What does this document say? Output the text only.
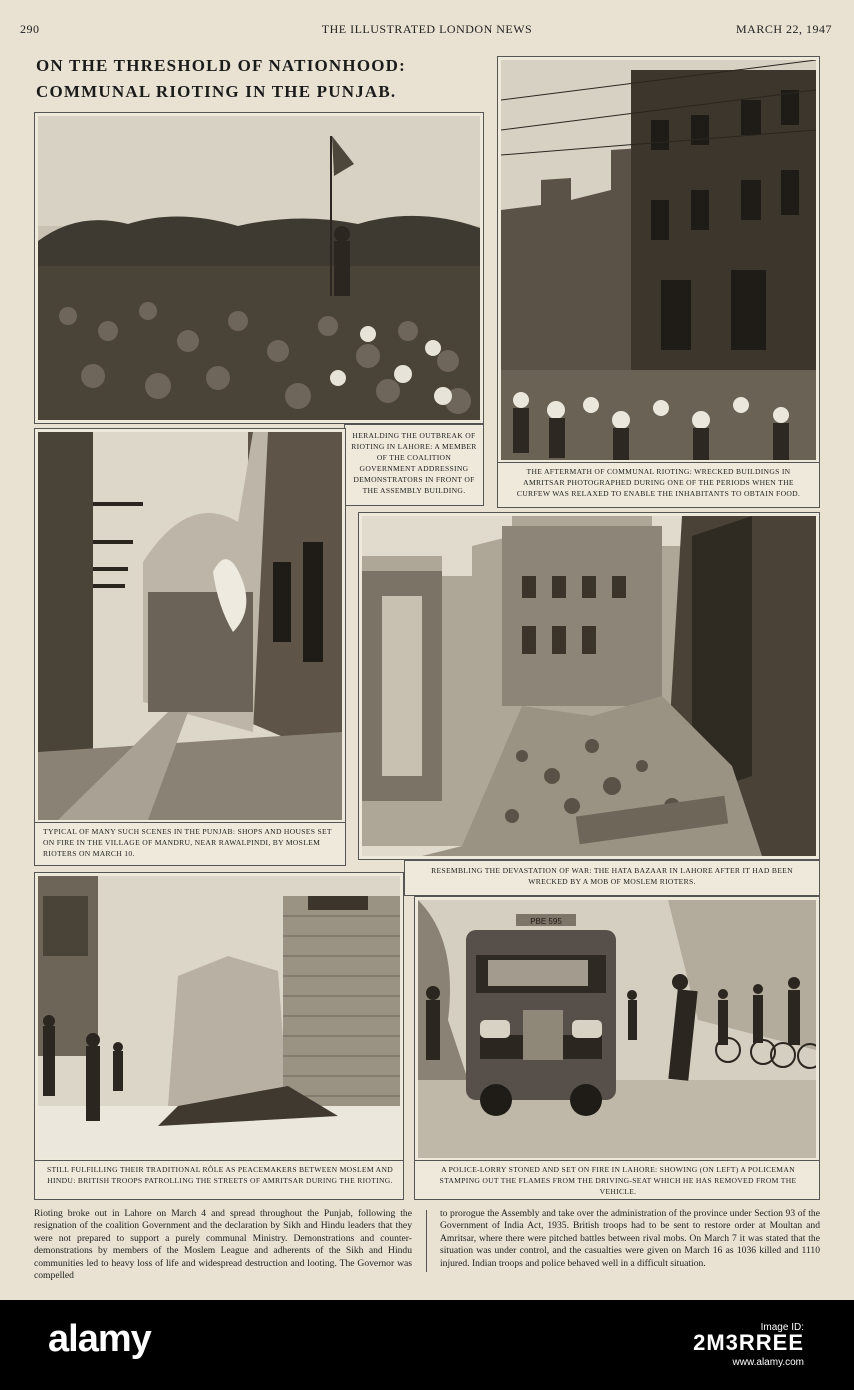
290	THE ILLUSTRATED LONDON NEWS	MARCH 22, 1947
ON THE THRESHOLD OF NATIONHOOD:
COMMUNAL RIOTING IN THE PUNJAB.
HERALDING THE OUTBREAK OF RIOTING IN LAHORE: A MEMBER OF THE COALITION GOVERNMENT ADDRESSING DEMONSTRATORS IN FRONT OF THE ASSEMBLY BUILDING.
THE AFTERMATH OF COMMUNAL RIOTING: WRECKED BUILDINGS IN AMRITSAR PHOTOGRAPHED DURING ONE OF THE PERIODS WHEN THE CURFEW WAS RELAXED TO ENABLE THE INHABITANTS TO OBTAIN FOOD.
TYPICAL OF MANY SUCH SCENES IN THE PUNJAB: SHOPS AND HOUSES SET ON FIRE IN THE VILLAGE OF MANDRU, NEAR RAWALPINDI, BY MOSLEM RIOTERS ON MARCH 10.
RESEMBLING THE DEVASTATION OF WAR: THE HATA BAZAAR IN LAHORE AFTER IT HAD BEEN WRECKED BY A MOB OF MOSLEM RIOTERS.
STILL FULFILLING THEIR TRADITIONAL RÔLE AS PEACEMAKERS BETWEEN MOSLEM AND HINDU: BRITISH TROOPS PATROLLING THE STREETS OF AMRITSAR DURING THE RIOTING.
PBE 595
A POLICE-LORRY STONED AND SET ON FIRE IN LAHORE: SHOWING (ON LEFT) A POLICEMAN STAMPING OUT THE FLAMES FROM THE DRIVING-SEAT WHICH HE HAS REMOVED FROM THE VEHICLE.
Rioting broke out in Lahore on March 4 and spread throughout the Punjab, following the resignation of the coalition Government and the declaration by Sikh and Hindu leaders that they were not prepared to support a purely communal Ministry. Demonstrations and counter-demonstrations by members of the Moslem League and adherents of the Sikh and Hindu communities led to heavy loss of life and widespread destruction and looting. The Governor was compelled
to prorogue the Assembly and take over the administration of the province under Section 93 of the Government of India Act, 1935. British troops had to be sent to restore order at Moultan and Amritsar, where there were pitched battles between rival mobs. On March 7 it was stated that the situation was under control, and the casualties were given on March 16 as 1036 killed and 1110 injured. Indian troops and police behaved well in a difficult situation.
alamy	Image ID:
2M3RREE
www.alamy.com
